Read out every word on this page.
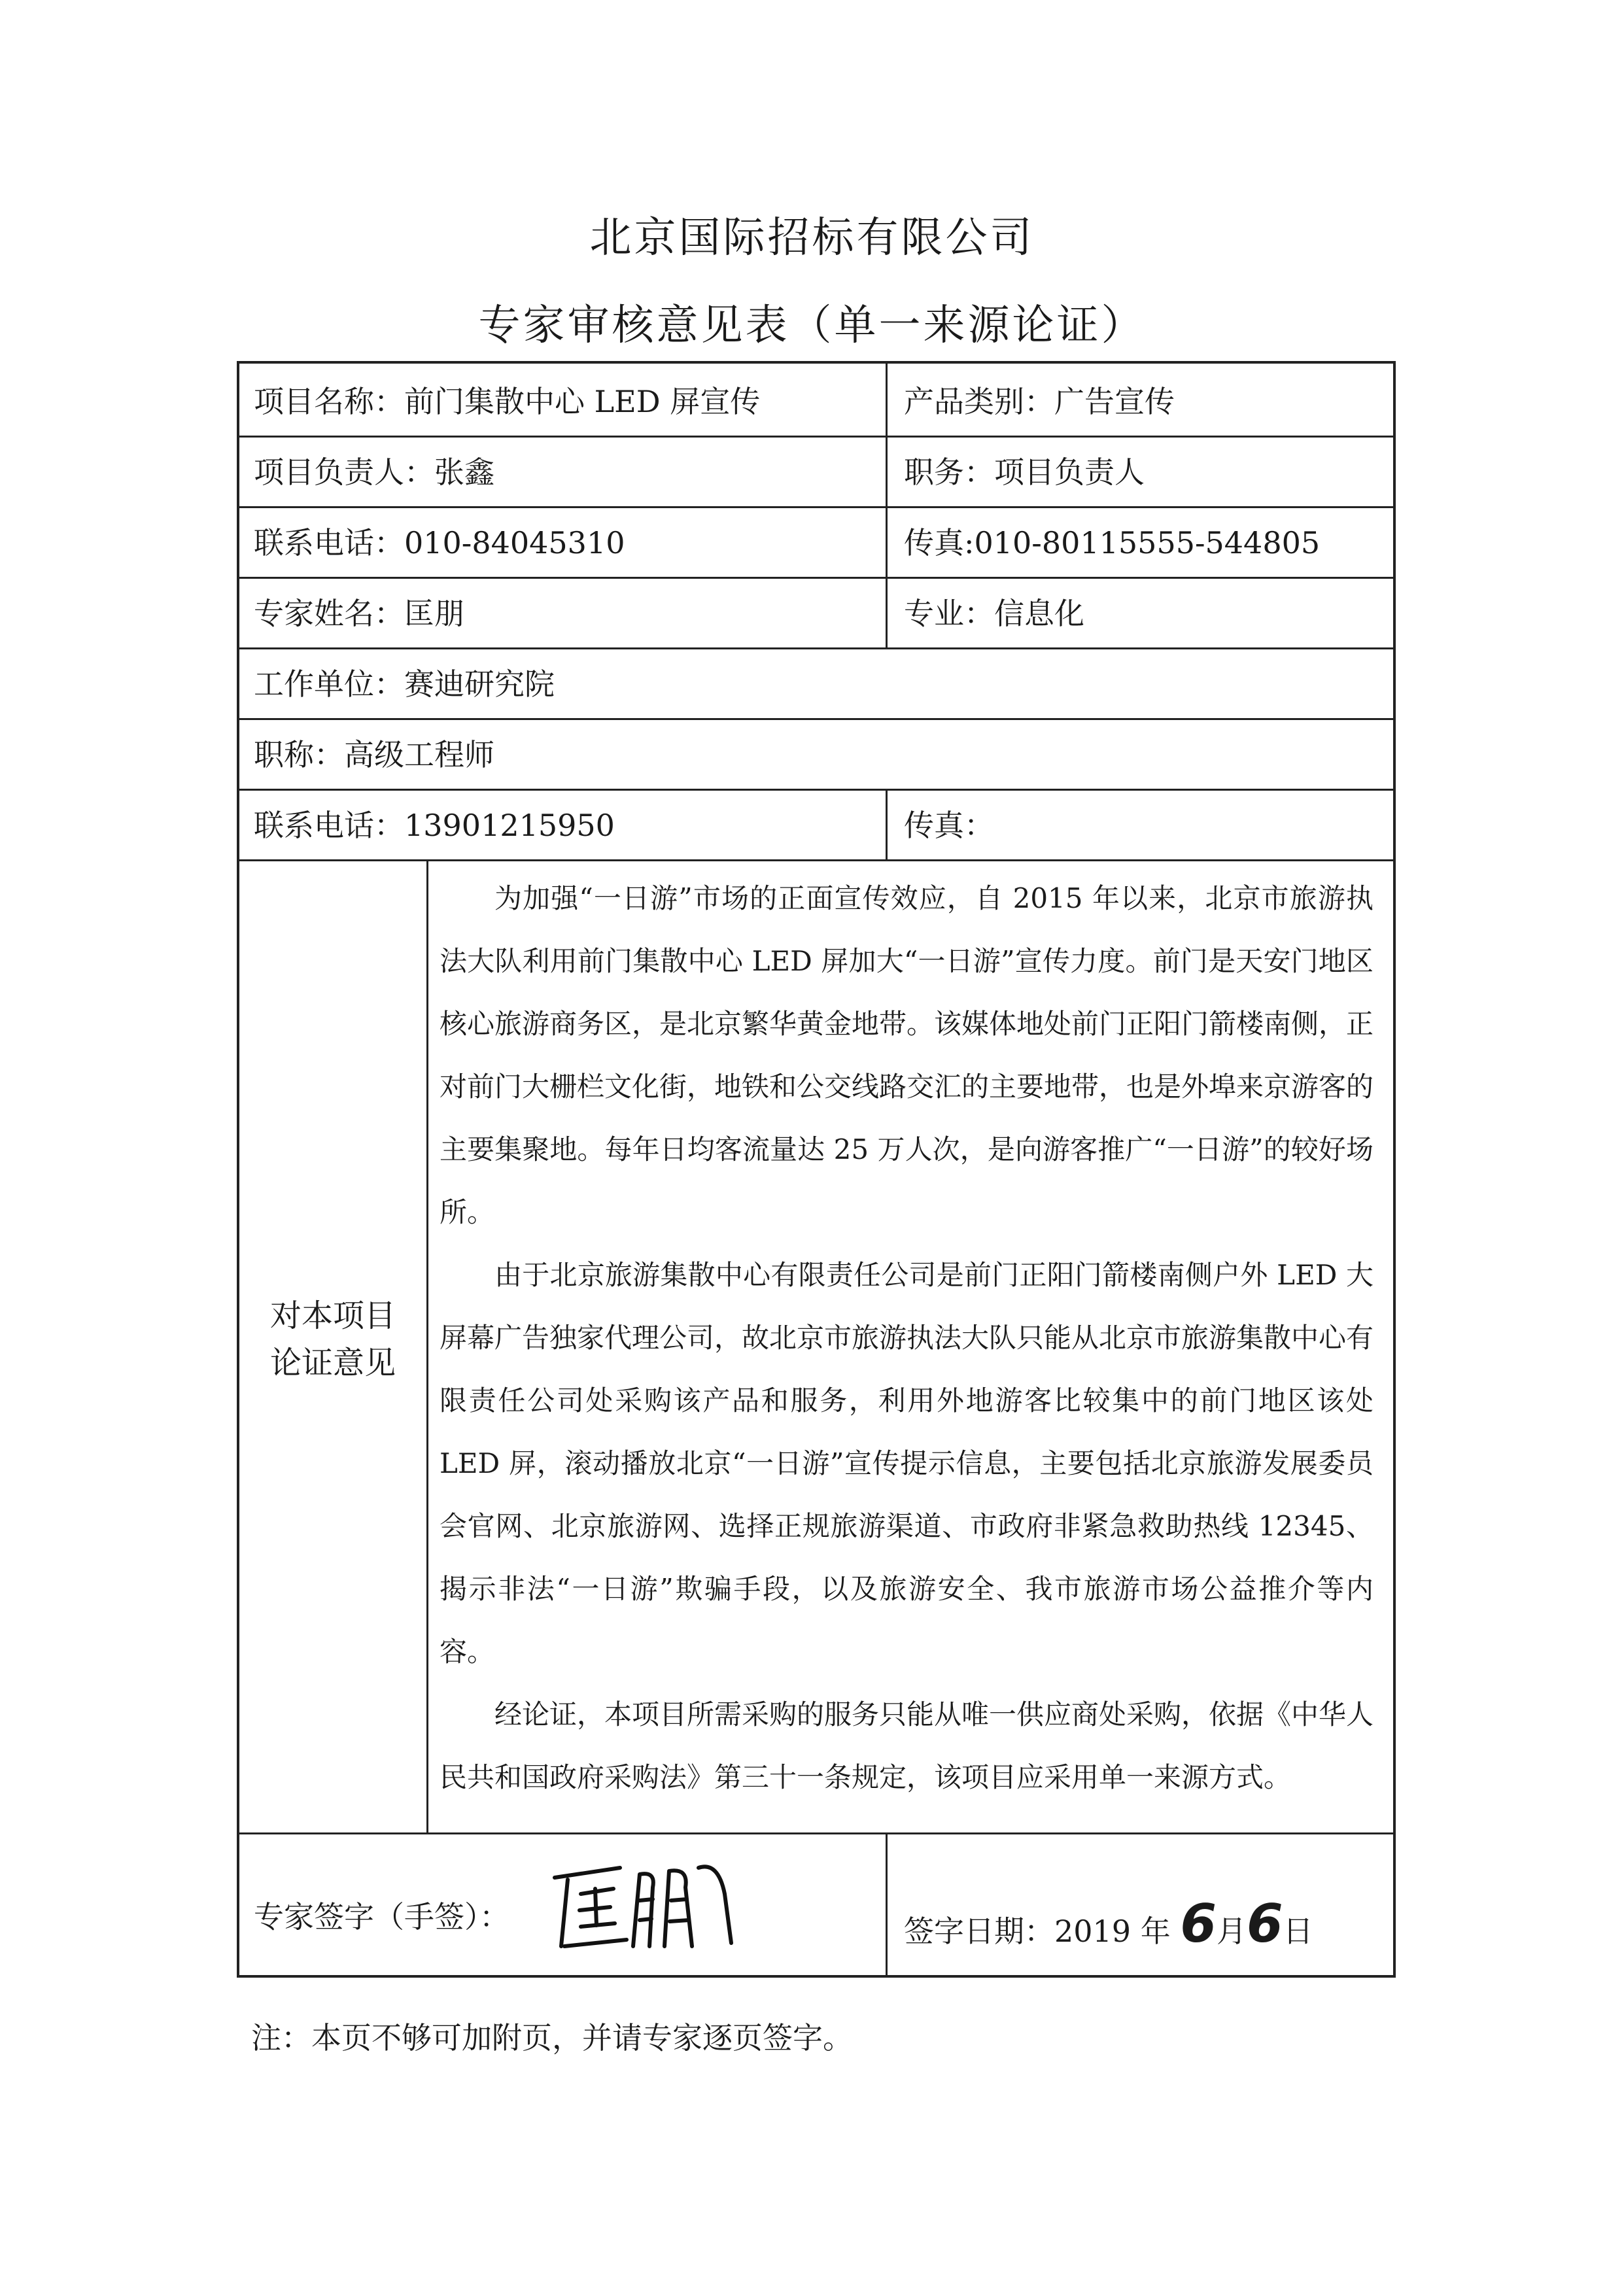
北京国际招标有限公司
专家审核意见表（单一来源论证）
项目名称：前门集散中心 LED 屏宣传	产品类别：广告宣传
项目负责人：张鑫	职务：项目负责人
联系电话：010-84045310	传真:010-80115555-544805
专家姓名：匡朋	专业：信息化
工作单位：赛迪研究院
职称：高级工程师
联系电话：13901215950	传真：
对本项目
论证意见

为加强“一日游”市场的正面宣传效应，自 2015 年以来，北京市旅游执法大队利用前门集散中心 LED 屏加大“一日游”宣传力度。前门是天安门地区核心旅游商务区，是北京繁华黄金地带。该媒体地处前门正阳门箭楼南侧，正对前门大栅栏文化街，地铁和公交线路交汇的主要地带，也是外埠来京游客的主要集聚地。每年日均客流量达 25 万人次，是向游客推广“一日游”的较好场所。

由于北京旅游集散中心有限责任公司是前门正阳门箭楼南侧户外 LED 大屏幕广告独家代理公司，故北京市旅游执法大队只能从北京市旅游集散中心有限责任公司处采购该产品和服务，利用外地游客比较集中的前门地区该处 LED 屏，滚动播放北京“一日游”宣传提示信息，主要包括北京旅游发展委员会官网、北京旅游网、选择正规旅游渠道、市政府非紧急救助热线 12345、揭示非法“一日游”欺骗手段，以及旅游安全、我市旅游市场公益推介等内容。

经论证，本项目所需采购的服务只能从唯一供应商处采购，依据《中华人民共和国政府采购法》第三十一条规定，该项目应采用单一来源方式。

专家签字（手签）：	签字日期：2019 年 6月6日
注：本页不够可加附页，并请专家逐页签字。
